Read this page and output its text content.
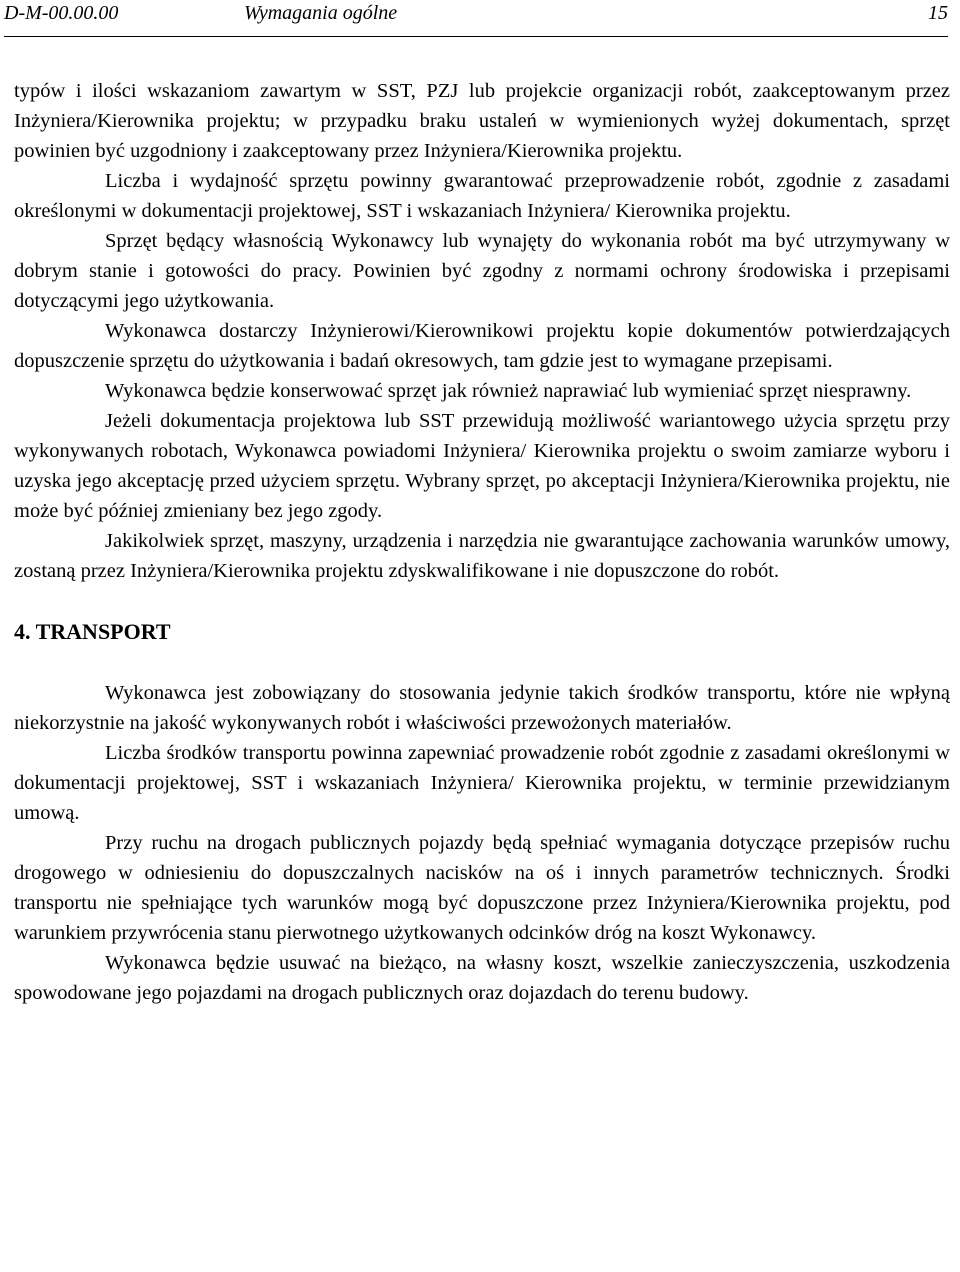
D-M-00.00.00	Wymagania ogólne	15

typów i ilości wskazaniom zawartym w SST, PZJ lub projekcie organizacji robót, zaakceptowanym przez Inżyniera/Kierownika projektu; w przypadku braku ustaleń w wymienionych wyżej dokumentach, sprzęt powinien być uzgodniony i zaakceptowany przez Inżyniera/Kierownika projektu.

Liczba i wydajność sprzętu powinny gwarantować przeprowadzenie robót, zgodnie z zasadami określonymi w dokumentacji projektowej, SST i wskazaniach Inżyniera/ Kierownika projektu.

Sprzęt będący własnością Wykonawcy lub wynajęty do wykonania robót ma być utrzymywany w dobrym stanie i gotowości do pracy. Powinien być zgodny z normami ochrony środowiska i przepisami dotyczącymi jego użytkowania.

Wykonawca dostarczy Inżynierowi/Kierownikowi projektu kopie dokumentów potwierdzających dopuszczenie sprzętu do użytkowania i badań okresowych, tam gdzie jest to wymagane przepisami.

Wykonawca będzie konserwować sprzęt jak również naprawiać lub wymieniać sprzęt niesprawny.

Jeżeli dokumentacja projektowa lub SST przewidują możliwość wariantowego użycia sprzętu przy wykonywanych robotach, Wykonawca powiadomi Inżyniera/ Kierownika projektu o swoim zamiarze wyboru i uzyska jego akceptację przed użyciem sprzętu. Wybrany sprzęt, po akceptacji Inżyniera/Kierownika projektu, nie może być później zmieniany bez jego zgody.

Jakikolwiek sprzęt, maszyny, urządzenia i narzędzia nie gwarantujące zachowania warunków umowy, zostaną przez Inżyniera/Kierownika projektu zdyskwalifikowane i nie dopuszczone do robót.

4. TRANSPORT

Wykonawca jest zobowiązany do stosowania jedynie takich środków transportu, które nie wpłyną niekorzystnie na jakość wykonywanych robót i właściwości przewożonych materiałów.

Liczba środków transportu powinna zapewniać prowadzenie robót zgodnie z zasadami określonymi w dokumentacji projektowej, SST i wskazaniach Inżyniera/ Kierownika projektu, w terminie przewidzianym umową.

Przy ruchu na drogach publicznych pojazdy będą spełniać wymagania dotyczące przepisów ruchu drogowego w odniesieniu do dopuszczalnych nacisków na oś i innych parametrów technicznych. Środki transportu nie spełniające tych warunków mogą być dopuszczone przez Inżyniera/Kierownika projektu, pod warunkiem przywrócenia stanu pierwotnego użytkowanych odcinków dróg na koszt Wykonawcy.

Wykonawca będzie usuwać na bieżąco, na własny koszt, wszelkie zanieczyszczenia, uszkodzenia spowodowane jego pojazdami na drogach publicznych oraz dojazdach do terenu budowy.
